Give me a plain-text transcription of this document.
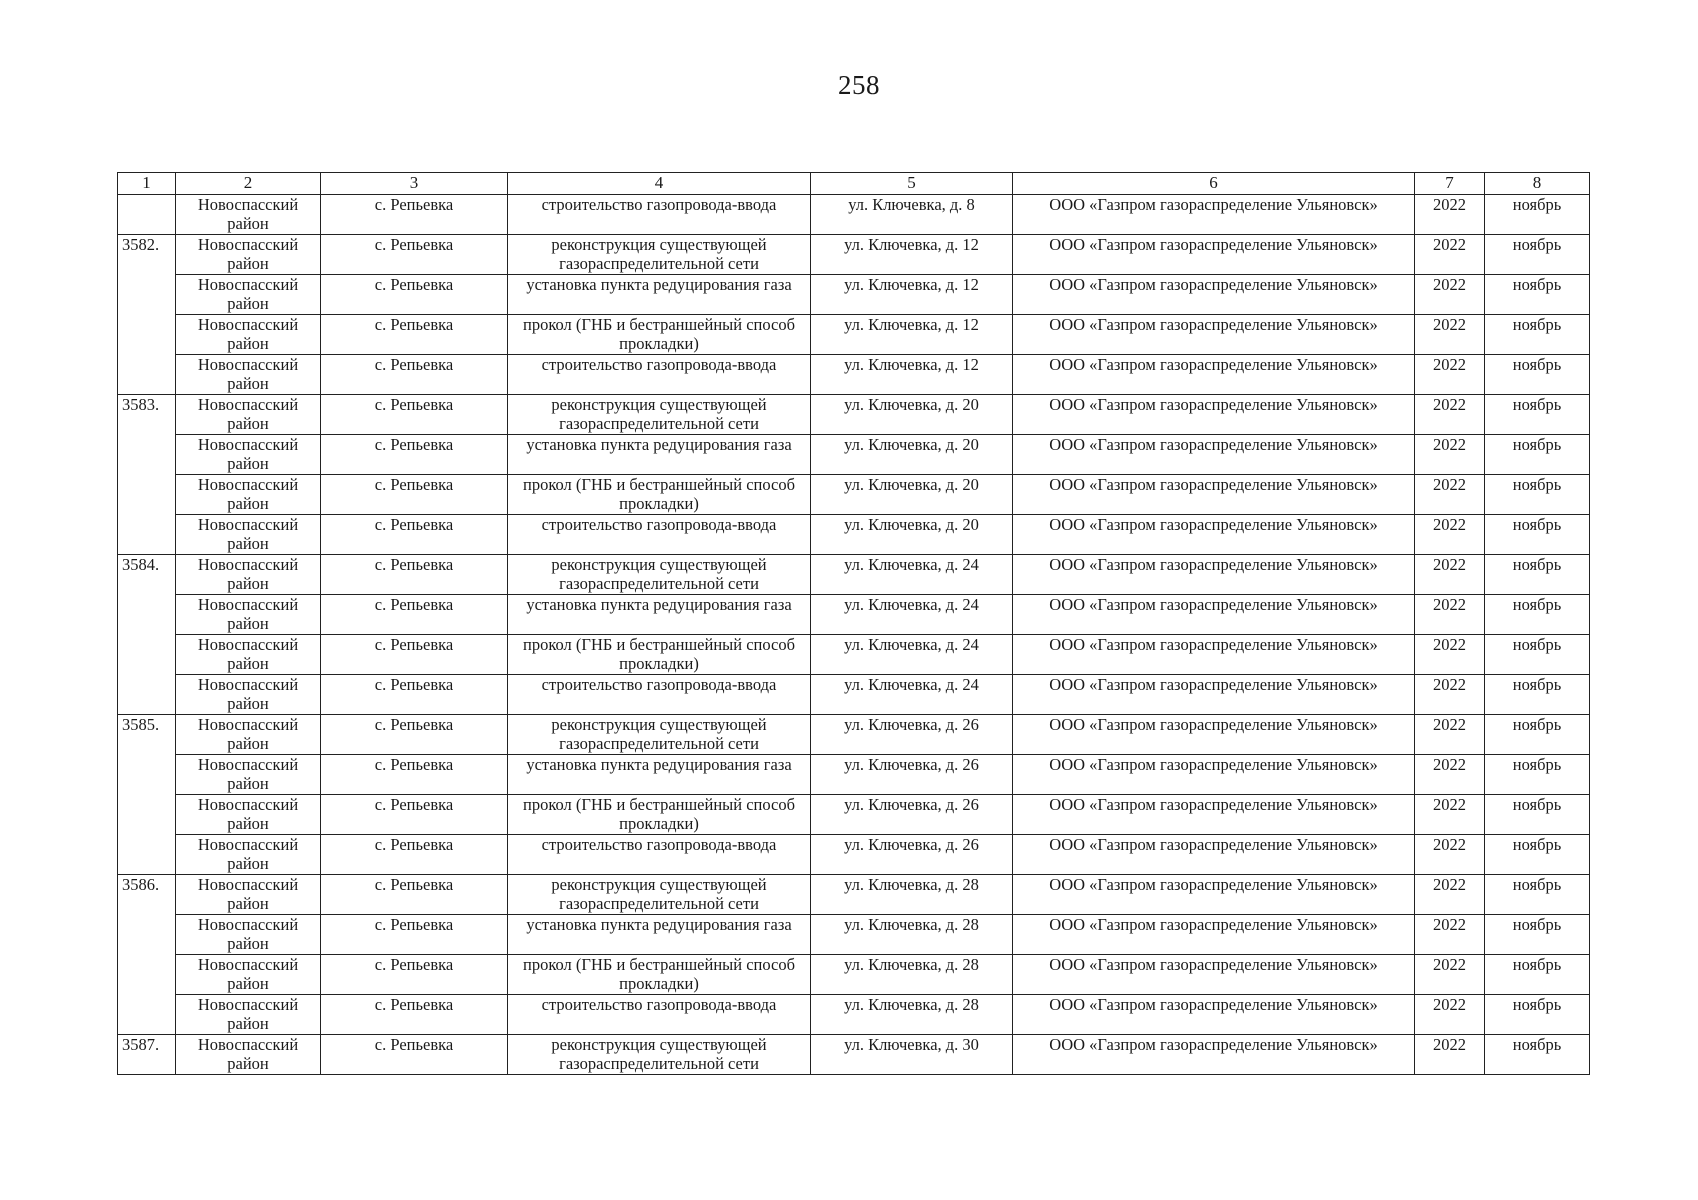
258
1	2	3	4	5	6	7	8
	Новоспасский район	с. Репьевка	строительство газопровода-ввода	ул. Ключевка, д. 8	ООО «Газпром газораспределение Ульяновск»	2022	ноябрь
3582.	Новоспасский район	с. Репьевка	реконструкция существующей газораспределительной сети	ул. Ключевка, д. 12	ООО «Газпром газораспределение Ульяновск»	2022	ноябрь
	Новоспасский район	с. Репьевка	установка пункта редуцирования газа	ул. Ключевка, д. 12	ООО «Газпром газораспределение Ульяновск»	2022	ноябрь
	Новоспасский район	с. Репьевка	прокол (ГНБ и бестраншейный способ прокладки)	ул. Ключевка, д. 12	ООО «Газпром газораспределение Ульяновск»	2022	ноябрь
	Новоспасский район	с. Репьевка	строительство газопровода-ввода	ул. Ключевка, д. 12	ООО «Газпром газораспределение Ульяновск»	2022	ноябрь
3583.	Новоспасский район	с. Репьевка	реконструкция существующей газораспределительной сети	ул. Ключевка, д. 20	ООО «Газпром газораспределение Ульяновск»	2022	ноябрь
	Новоспасский район	с. Репьевка	установка пункта редуцирования газа	ул. Ключевка, д. 20	ООО «Газпром газораспределение Ульяновск»	2022	ноябрь
	Новоспасский район	с. Репьевка	прокол (ГНБ и бестраншейный способ прокладки)	ул. Ключевка, д. 20	ООО «Газпром газораспределение Ульяновск»	2022	ноябрь
	Новоспасский район	с. Репьевка	строительство газопровода-ввода	ул. Ключевка, д. 20	ООО «Газпром газораспределение Ульяновск»	2022	ноябрь
3584.	Новоспасский район	с. Репьевка	реконструкция существующей газораспределительной сети	ул. Ключевка, д. 24	ООО «Газпром газораспределение Ульяновск»	2022	ноябрь
	Новоспасский район	с. Репьевка	установка пункта редуцирования газа	ул. Ключевка, д. 24	ООО «Газпром газораспределение Ульяновск»	2022	ноябрь
	Новоспасский район	с. Репьевка	прокол (ГНБ и бестраншейный способ прокладки)	ул. Ключевка, д. 24	ООО «Газпром газораспределение Ульяновск»	2022	ноябрь
	Новоспасский район	с. Репьевка	строительство газопровода-ввода	ул. Ключевка, д. 24	ООО «Газпром газораспределение Ульяновск»	2022	ноябрь
3585.	Новоспасский район	с. Репьевка	реконструкция существующей газораспределительной сети	ул. Ключевка, д. 26	ООО «Газпром газораспределение Ульяновск»	2022	ноябрь
	Новоспасский район	с. Репьевка	установка пункта редуцирования газа	ул. Ключевка, д. 26	ООО «Газпром газораспределение Ульяновск»	2022	ноябрь
	Новоспасский район	с. Репьевка	прокол (ГНБ и бестраншейный способ прокладки)	ул. Ключевка, д. 26	ООО «Газпром газораспределение Ульяновск»	2022	ноябрь
	Новоспасский район	с. Репьевка	строительство газопровода-ввода	ул. Ключевка, д. 26	ООО «Газпром газораспределение Ульяновск»	2022	ноябрь
3586.	Новоспасский район	с. Репьевка	реконструкция существующей газораспределительной сети	ул. Ключевка, д. 28	ООО «Газпром газораспределение Ульяновск»	2022	ноябрь
	Новоспасский район	с. Репьевка	установка пункта редуцирования газа	ул. Ключевка, д. 28	ООО «Газпром газораспределение Ульяновск»	2022	ноябрь
	Новоспасский район	с. Репьевка	прокол (ГНБ и бестраншейный способ прокладки)	ул. Ключевка, д. 28	ООО «Газпром газораспределение Ульяновск»	2022	ноябрь
	Новоспасский район	с. Репьевка	строительство газопровода-ввода	ул. Ключевка, д. 28	ООО «Газпром газораспределение Ульяновск»	2022	ноябрь
3587.	Новоспасский район	с. Репьевка	реконструкция существующей газораспределительной сети	ул. Ключевка, д. 30	ООО «Газпром газораспределение Ульяновск»	2022	ноябрь
